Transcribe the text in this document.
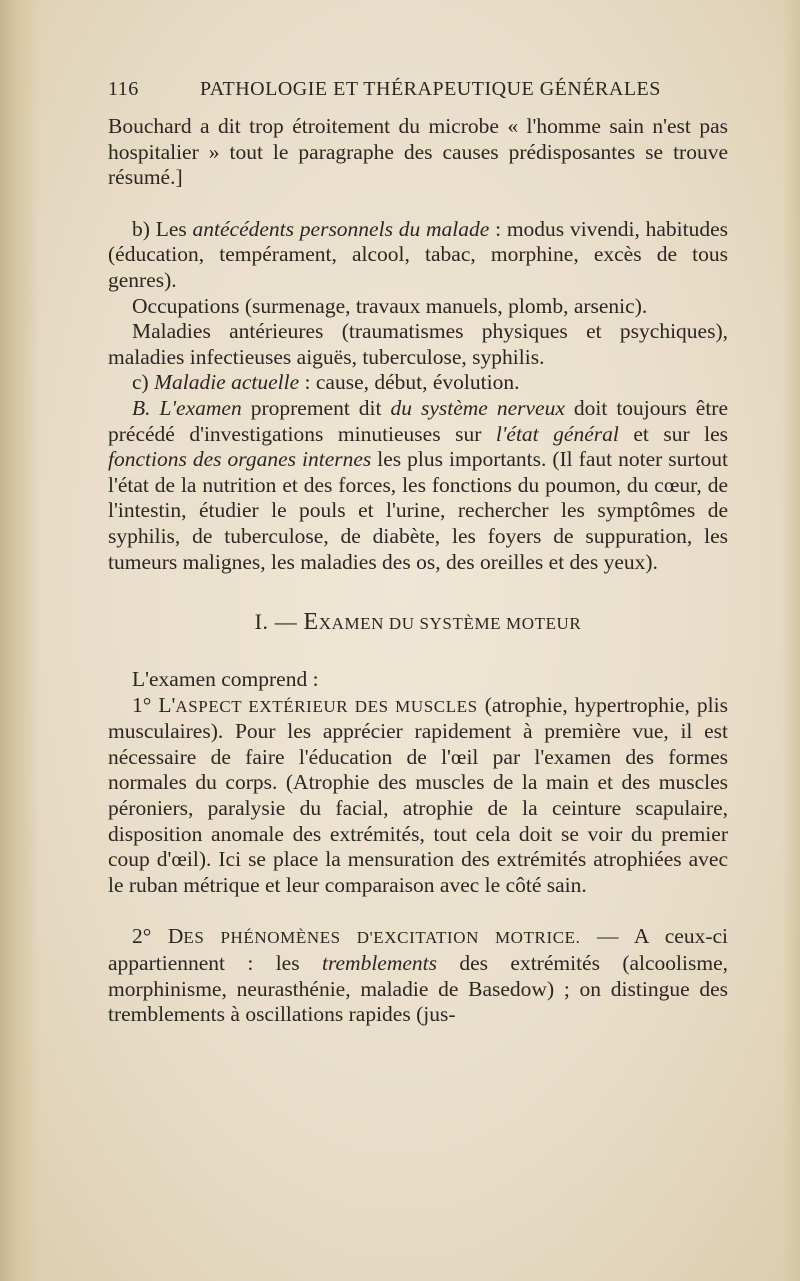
116	PATHOLOGIE ET THÉRAPEUTIQUE GÉNÉRALES

Bouchard a dit trop étroitement du microbe « l'homme sain n'est pas hospitalier » tout le paragraphe des causes prédisposantes se trouve résumé.]

b) Les antécédents personnels du malade : modus vivendi, habitudes (éducation, tempérament, alcool, tabac, morphine, excès de tous genres).

Occupations (surmenage, travaux manuels, plomb, arsenic).

Maladies antérieures (traumatismes physiques et psychiques), maladies infectieuses aiguës, tuberculose, syphilis.

c) Maladie actuelle : cause, début, évolution.

B. L'examen proprement dit du système nerveux doit toujours être précédé d'investigations minutieuses sur l'état général et sur les fonctions des organes internes les plus importants. (Il faut noter surtout l'état de la nutrition et des forces, les fonctions du poumon, du cœur, de l'intestin, étudier le pouls et l'urine, rechercher les symptômes de syphilis, de tuberculose, de diabète, les foyers de suppuration, les tumeurs malignes, les maladies des os, des oreilles et des yeux).

I. — EXAMEN DU SYSTÈME MOTEUR

L'examen comprend :

1° L'ASPECT EXTÉRIEUR DES MUSCLES (atrophie, hypertrophie, plis musculaires). Pour les apprécier rapidement à première vue, il est nécessaire de faire l'éducation de l'œil par l'examen des formes normales du corps. (Atrophie des muscles de la main et des muscles péroniers, paralysie du facial, atrophie de la ceinture scapulaire, disposition anomale des extrémités, tout cela doit se voir du premier coup d'œil). Ici se place la mensuration des extrémités atrophiées avec le ruban métrique et leur comparaison avec le côté sain.

2° DES PHÉNOMÈNES D'EXCITATION MOTRICE. — A ceux-ci appartiennent : les tremblements des extrémités (alcoolisme, morphinisme, neurasthénie, maladie de Basedow) ; on distingue des tremblements à oscillations rapides (jus-
